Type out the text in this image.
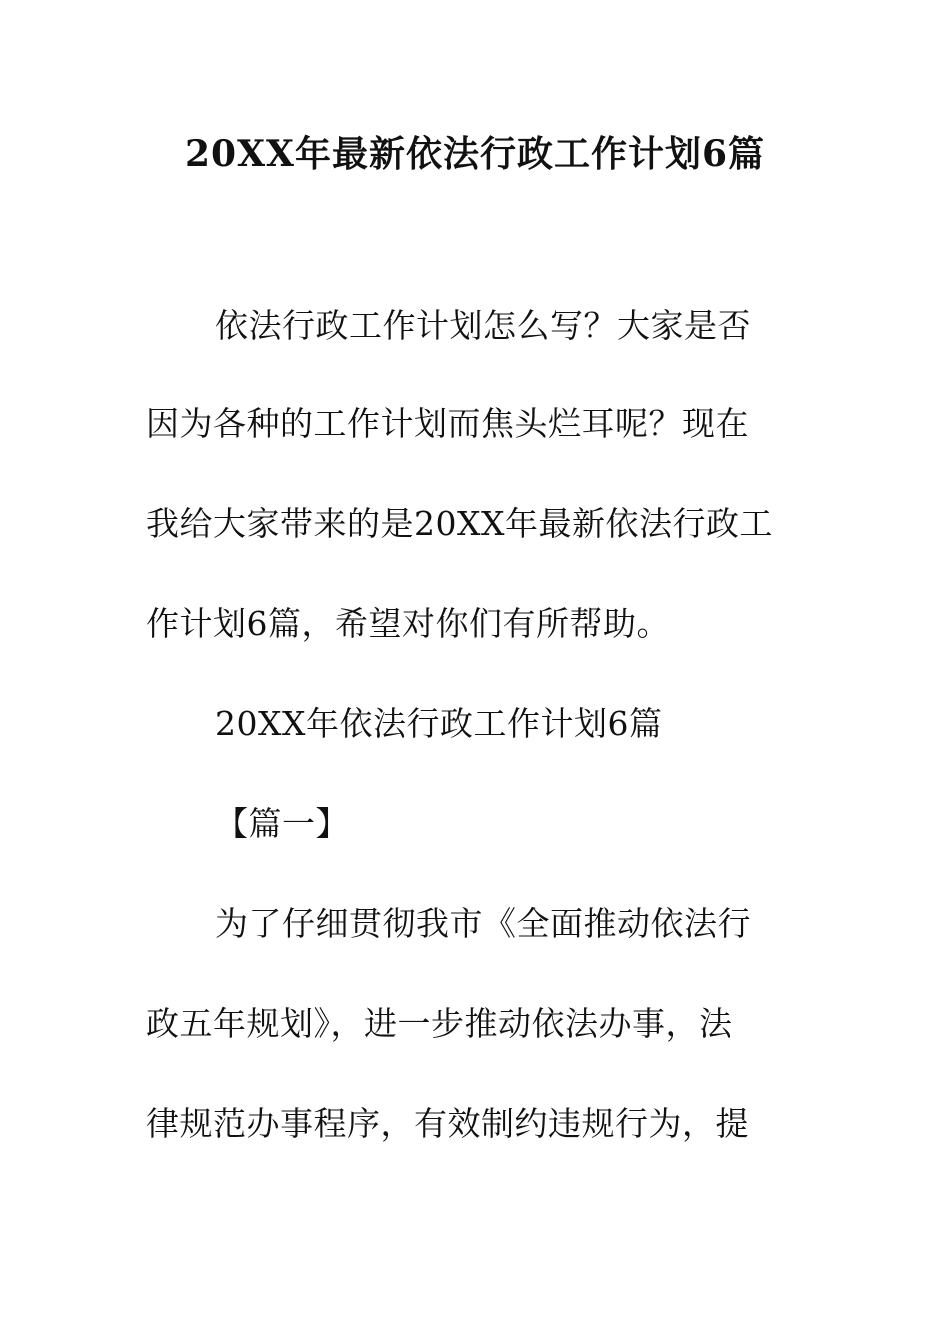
20XX年最新依法行政工作计划6篇
依法行政工作计划怎么写？大家是否
因为各种的工作计划而焦头烂耳呢？现在
我给大家带来的是20XX年最新依法行政工
作计划6篇，希望对你们有所帮助。
20XX年依法行政工作计划6篇
【篇一】
为了仔细贯彻我市《全面推动依法行
政五年规划》，进一步推动依法办事，法
律规范办事程序，有效制约违规行为，提
